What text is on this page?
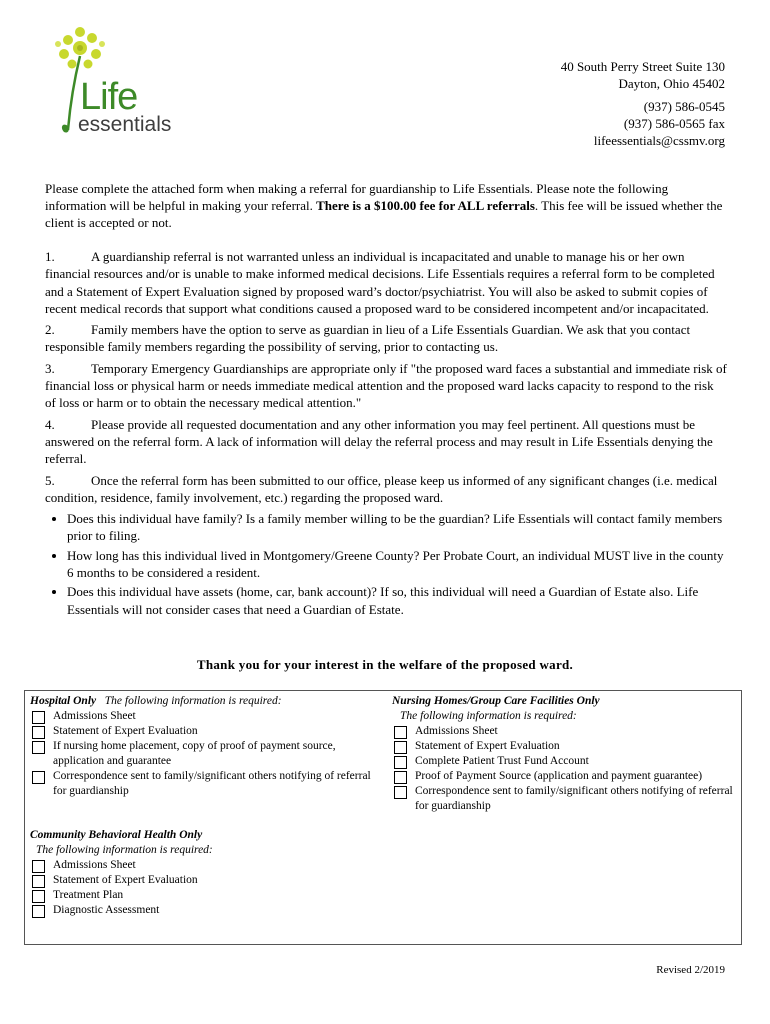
Life
essentials
40 South Perry Street Suite 130
Dayton, Ohio 45402
(937) 586-0545
(937) 586-0565 fax
lifeessentials@cssmv.org
Please complete the attached form when making a referral for guardianship to Life Essentials. Please note the following information will be helpful in making your referral. There is a $100.00 fee for ALL referrals. This fee will be issued whether the client is accepted or not.
1.	A guardianship referral is not warranted unless an individual is incapacitated and unable to manage his or her own financial resources and/or is unable to make informed medical decisions. Life Essentials requires a referral form to be completed and a Statement of Expert Evaluation signed by proposed ward’s doctor/psychiatrist. You will also be asked to submit copies of recent medical records that support what conditions caused a proposed ward to be considered incompetent and/or incapacitated.
2.	Family members have the option to serve as guardian in lieu of a Life Essentials Guardian. We ask that you contact responsible family members regarding the possibility of serving, prior to contacting us.
3.	Temporary Emergency Guardianships are appropriate only if "the proposed ward faces a substantial and immediate risk of financial loss or physical harm or needs immediate medical attention and the proposed ward lacks capacity to respond to the risk of loss or harm or to obtain the necessary medical attention."
4.	Please provide all requested documentation and any other information you may feel pertinent. All questions must be answered on the referral form. A lack of information will delay the referral process and may result in Life Essentials denying the referral.
5.	Once the referral form has been submitted to our office, please keep us informed of any significant changes (i.e. medical condition, residence, family involvement, etc.) regarding the proposed ward.
• Does this individual have family? Is a family member willing to be the guardian? Life Essentials will contact family members prior to filing.
• How long has this individual lived in Montgomery/Greene County? Per Probate Court, an individual MUST live in the county 6 months to be considered a resident.
• Does this individual have assets (home, car, bank account)? If so, this individual will need a Guardian of Estate also. Life Essentials will not consider cases that need a Guardian of Estate.
Thank you for your interest in the welfare of the proposed ward.
Hospital Only The following information is required:
Admissions Sheet
Statement of Expert Evaluation
If nursing home placement, copy of proof of payment source, application and guarantee
Correspondence sent to family/significant others notifying of referral for guardianship
Nursing Homes/Group Care Facilities Only
The following information is required:
Admissions Sheet
Statement of Expert Evaluation
Complete Patient Trust Fund Account
Proof of Payment Source (application and payment guarantee)
Correspondence sent to family/significant others notifying of referral for guardianship
Community Behavioral Health Only
The following information is required:
Admissions Sheet
Statement of Expert Evaluation
Treatment Plan
Diagnostic Assessment
Revised 2/2019
